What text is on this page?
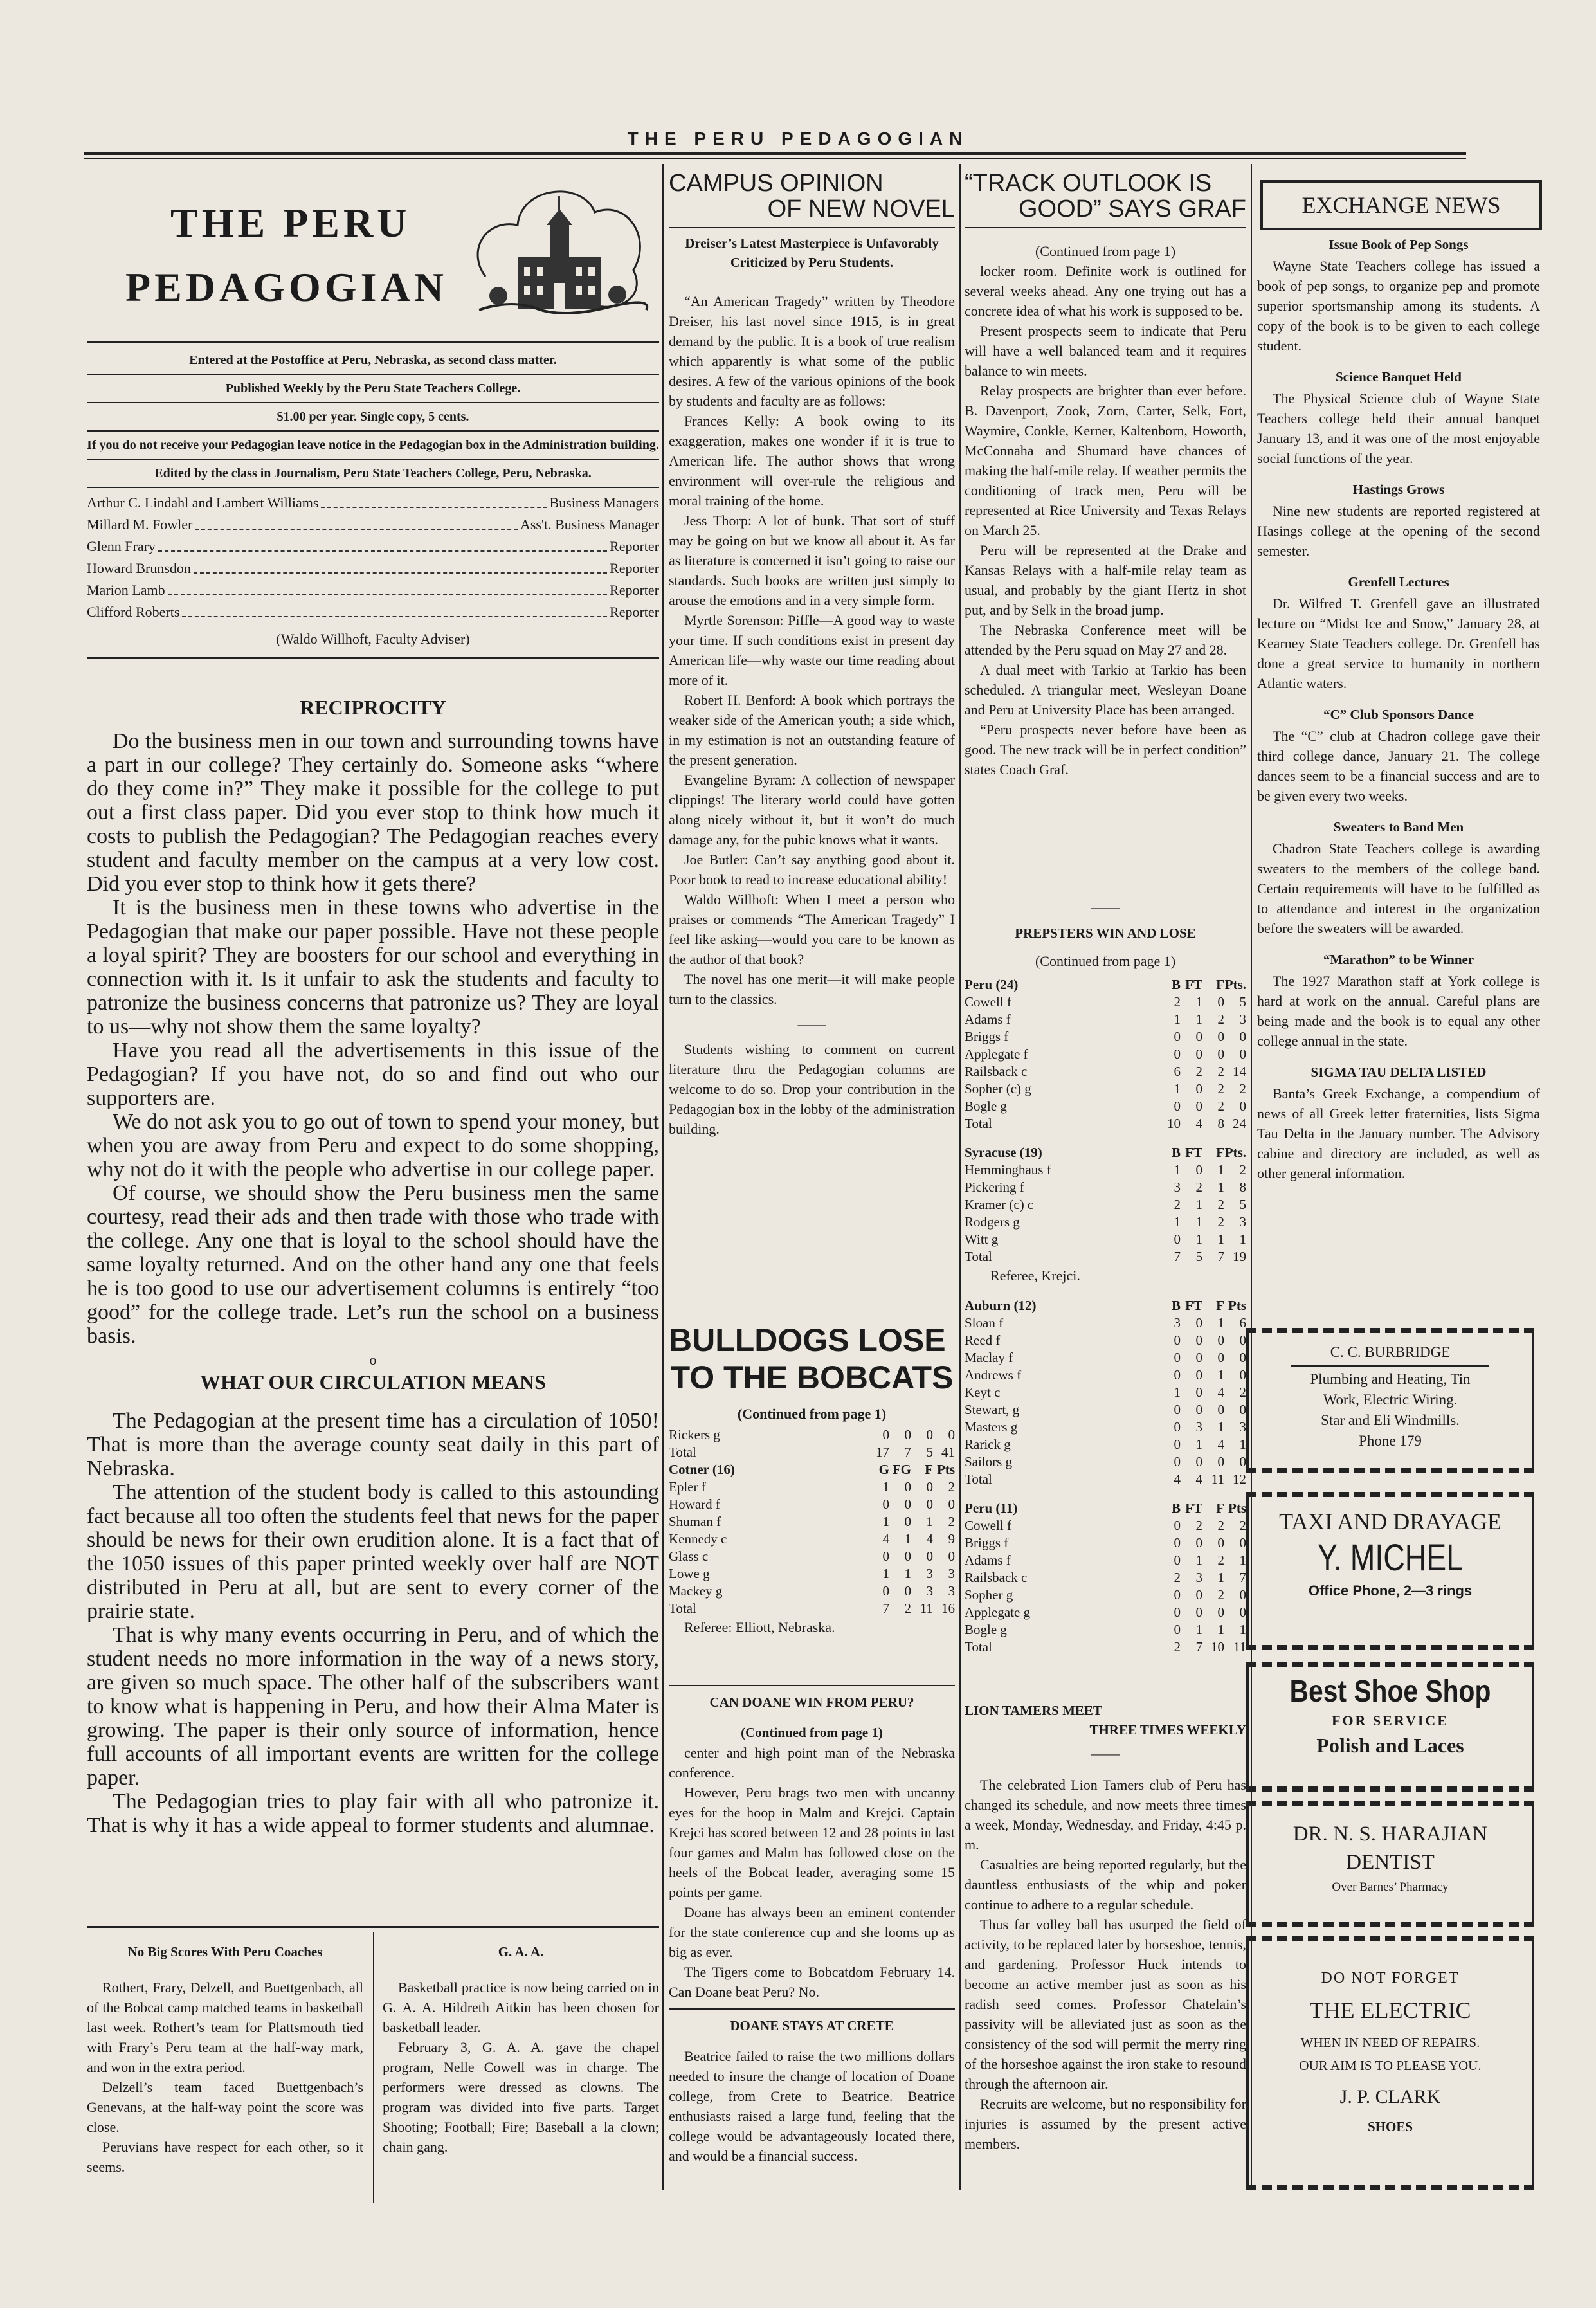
THE PERU PEDAGOGIAN
THE PERU
PEDAGOGIAN
Entered at the Postoffice at Peru, Nebraska, as second class matter.
Published Weekly by the Peru State Teachers College.
$1.00 per year. Single copy, 5 cents.
If you do not receive your Pedagogian leave notice in the Pedagogian box in the Administration building.
Edited by the class in Journalism, Peru State Teachers College, Peru, Nebraska.
Arthur C. Lindahl and Lambert Williams	Business Managers
Millard M. Fowler	Ass't. Business Manager
Glenn Frary	Reporter
Howard Brunsdon	Reporter
Marion Lamb	Reporter
Clifford Roberts	Reporter
(Waldo Willhoft, Faculty Adviser)
RECIPROCITY

Do the business men in our town and surrounding towns have a part in our college? They certainly do. Someone asks “where do they come in?” They make it possible for the college to put out a first class paper. Did you ever stop to think how much it costs to publish the Pedagogian? The Pedagogian reaches every student and faculty member on the campus at a very low cost. Did you ever stop to think how it gets there?

It is the business men in these towns who advertise in the Pedagogian that make our paper possible. Have not these people a loyal spirit? They are boosters for our school and everything in connection with it. Is it unfair to ask the students and faculty to patronize the business concerns that patronize us? They are loyal to us—why not show them the same loyalty?

Have you read all the advertisements in this issue of the Pedagogian? If you have not, do so and find out who our supporters are.

We do not ask you to go out of town to spend your money, but when you are away from Peru and expect to do some shopping, why not do it with the people who advertise in our college paper.

Of course, we should show the Peru business men the same courtesy, read their ads and then trade with those who trade with the college. Any one that is loyal to the school should have the same loyalty returned. And on the other hand any one that feels he is too good to use our advertisement columns is entirely “too good” for the college trade. Let’s run the school on a business basis.

o
WHAT OUR CIRCULATION MEANS

The Pedagogian at the present time has a circulation of 1050! That is more than the average county seat daily in this part of Nebraska.

The attention of the student body is called to this astounding fact because all too often the students feel that news for the paper should be news for their own erudition alone. It is a fact that of the 1050 issues of this paper printed weekly over half are NOT distributed in Peru at all, but are sent to every corner of the prairie state.

That is why many events occurring in Peru, and of which the student needs no more information in the way of a news story, are given so much space. The other half of the subscribers want to know what is happening in Peru, and how their Alma Mater is growing. The paper is their only source of information, hence full accounts of all important events are written for the college paper.

The Pedagogian tries to play fair with all who patronize it. That is why it has a wide appeal to former students and alumnae.

No Big Scores With Peru Coaches

Rothert, Frary, Delzell, and Buettgenbach, all of the Bobcat camp matched teams in basketball last week. Rothert’s team for Plattsmouth tied with Frary’s Peru team at the half-way mark, and won in the extra period.

Delzell’s team faced Buettgenbach’s Genevans, at the half-way point the score was close.

Peruvians have respect for each other, so it seems.

G. A. A.

Basketball practice is now being carried on in G. A. A. Hildreth Aitkin has been chosen for basketball leader.

February 3, G. A. A. gave the chapel program, Nelle Cowell was in charge. The performers were dressed as clowns. The program was divided into five parts. Target Shooting; Football; Fire; Baseball a la clown; chain gang.

CAMPUS OPINION
OF NEW NOVEL
Dreiser’s Latest Masterpiece is Unfavorably Criticized by Peru Students.

“An American Tragedy” written by Theodore Dreiser, his last novel since 1915, is in great demand by the public. It is a book of true realism which apparently is what some of the public desires. A few of the various opinions of the book by students and faculty are as follows:

Frances Kelly: A book owing to its exaggeration, makes one wonder if it is true to American life. The author shows that wrong environment will over-rule the religious and moral training of the home.

Jess Thorp: A lot of bunk. That sort of stuff may be going on but we know all about it. As far as literature is concerned it isn’t going to raise our standards. Such books are written just simply to arouse the emotions and in a very simple form.

Myrtle Sorenson: Piffle—A good way to waste your time. If such conditions exist in present day American life—why waste our time reading about more of it.

Robert H. Benford: A book which portrays the weaker side of the American youth; a side which, in my estimation is not an outstanding feature of the present generation.

Evangeline Byram: A collection of newspaper clippings! The literary world could have gotten along nicely without it, but it won’t do much damage any, for the pubic knows what it wants.

Joe Butler: Can’t say anything good about it. Poor book to read to increase educational ability!

Waldo Willhoft: When I meet a person who praises or commends “The American Tragedy” I feel like asking—would you care to be known as the author of that book?

The novel has one merit—it will make people turn to the classics.

——

Students wishing to comment on current literature thru the Pedagogian columns are welcome to do so. Drop your contribution in the Pedagogian box in the lobby of the administration building.

BULLDOGS LOSE
TO THE BOBCATS
(Continued from page 1)
Rickers g	0	0	0	0
Total	17	7	5	41
Cotner (16)	G	FG	F	Pts
Epler f	1	0	0	2
Howard f	0	0	0	0
Shuman f	1	0	1	2
Kennedy c	4	1	4	9
Glass c	0	0	0	0
Lowe g	1	1	3	3
Mackey g	0	0	3	3
Total	7	2	11	16
Referee: Elliott, Nebraska.
CAN DOANE WIN FROM PERU?
(Continued from page 1)

center and high point man of the Nebraska conference.

However, Peru brags two men with uncanny eyes for the hoop in Malm and Krejci. Captain Krejci has scored between 12 and 28 points in last four games and Malm has followed close on the heels of the Bobcat leader, averaging some 15 points per game.

Doane has always been an eminent contender for the state conference cup and she looms up as big as ever.

The Tigers come to Bobcatdom February 14. Can Doane beat Peru? No.

DOANE STAYS AT CRETE

Beatrice failed to raise the two millions dollars needed to insure the change of location of Doane college, from Crete to Beatrice. Beatrice enthusiasts raised a large fund, feeling that the college would be advantageously located there, and would be a financial success.

“TRACK OUTLOOK IS
GOOD” SAYS GRAF
(Continued from page 1)

locker room. Definite work is outlined for several weeks ahead. Any one trying out has a concrete idea of what his work is supposed to be.

Present prospects seem to indicate that Peru will have a well balanced team and it requires balance to win meets.

Relay prospects are brighter than ever before. B. Davenport, Zook, Zorn, Carter, Selk, Fort, Waymire, Conkle, Kerner, Kaltenborn, Howorth, McConnaha and Shumard have chances of making the half-mile relay. If weather permits the conditioning of track men, Peru will be represented at Rice University and Texas Relays on March 25.

Peru will be represented at the Drake and Kansas Relays with a half-mile relay team as usual, and probably by the giant Hertz in shot put, and by Selk in the broad jump.

The Nebraska Conference meet will be attended by the Peru squad on May 27 and 28.

A dual meet with Tarkio at Tarkio has been scheduled. A triangular meet, Wesleyan Doane and Peru at University Place has been arranged.

“Peru prospects never before have been as good. The new track will be in perfect condition” states Coach Graf.

——
PREPSTERS WIN AND LOSE
(Continued from page 1)
Peru (24)	B	FT	F	Pts.
Cowell f	2	1	0	5
Adams f	1	1	2	3
Briggs f	0	0	0	0
Applegate f	0	0	0	0
Railsback c	6	2	2	14
Sopher (c) g	1	0	2	2
Bogle g	0	0	2	0
Total	10	4	8	24
Syracuse (19)	B	FT	F	Pts.
Hemminghaus f	1	0	1	2
Pickering f	3	2	1	8
Kramer (c) c	2	1	2	5
Rodgers g	1	1	2	3
Witt g	0	1	1	1
Total	7	5	7	19
Referee, Krejci.
Auburn (12)	B	FT	F	Pts
Sloan f	3	0	1	6
Reed f	0	0	0	0
Maclay f	0	0	0	0
Andrews f	0	0	1	0
Keyt c	1	0	4	2
Stewart, g	0	0	0	0
Masters g	0	3	1	3
Rarick g	0	1	4	1
Sailors g	0	0	0	0
Total	4	4	11	12
Peru (11)	B	FT	F	Pts
Cowell f	0	2	2	2
Briggs f	0	0	0	0
Adams f	0	1	2	1
Railsback c	2	3	1	7
Sopher g	0	0	2	0
Applegate g	0	0	0	0
Bogle g	0	1	1	1
Total	2	7	10	11
LION TAMERS MEET
THREE TIMES WEEKLY
——

The celebrated Lion Tamers club of Peru has changed its schedule, and now meets three times a week, Monday, Wednesday, and Friday, 4:45 p. m.

Casualties are being reported regularly, but the dauntless enthusiasts of the whip and poker continue to adhere to a regular schedule.

Thus far volley ball has usurped the field of activity, to be replaced later by horseshoe, tennis, and gardening. Professor Huck intends to become an active member just as soon as his radish seed comes. Professor Chatelain’s passivity will be alleviated just as soon as the consistency of the sod will permit the merry ring of the horseshoe against the iron stake to resound through the afternoon air.

Recruits are welcome, but no responsibility for injuries is assumed by the present active members.

EXCHANGE NEWS
Issue Book of Pep Songs

Wayne State Teachers college has issued a book of pep songs, to organize pep and promote superior sportsmanship among its students. A copy of the book is to be given to each college student.

Science Banquet Held

The Physical Science club of Wayne State Teachers college held their annual banquet January 13, and it was one of the most enjoyable social functions of the year.

Hastings Grows

Nine new students are reported registered at Hasings college at the opening of the second semester.

Grenfell Lectures

Dr. Wilfred T. Grenfell gave an illustrated lecture on “Midst Ice and Snow,” January 28, at Kearney State Teachers college. Dr. Grenfell has done a great service to humanity in northern Atlantic waters.

“C” Club Sponsors Dance

The “C” club at Chadron college gave their third college dance, January 21. The college dances seem to be a financial success and are to be given every two weeks.

Sweaters to Band Men

Chadron State Teachers college is awarding sweaters to the members of the college band. Certain requirements will have to be fulfilled as to attendance and interest in the organization before the sweaters will be awarded.

“Marathon” to be Winner

The 1927 Marathon staff at York college is hard at work on the annual. Careful plans are being made and the book is to equal any other college annual in the state.

SIGMA TAU DELTA LISTED

Banta’s Greek Exchange, a compendium of news of all Greek letter fraternities, lists Sigma Tau Delta in the January number. The Advisory cabine and directory are included, as well as other general information.

C. C. BURBRIDGE
Plumbing and Heating, Tin
Work, Electric Wiring.
Star and Eli Windmills.
Phone 179
TAXI AND DRAYAGE
Y. MICHEL
Office Phone, 2—3 rings
Best Shoe Shop
FOR SERVICE
Polish and Laces
DR. N. S. HARAJIAN
DENTIST
Over Barnes’ Pharmacy
DO NOT FORGET
THE ELECTRIC
WHEN IN NEED OF REPAIRS.
OUR AIM IS TO PLEASE YOU.
J. P. CLARK
SHOES
